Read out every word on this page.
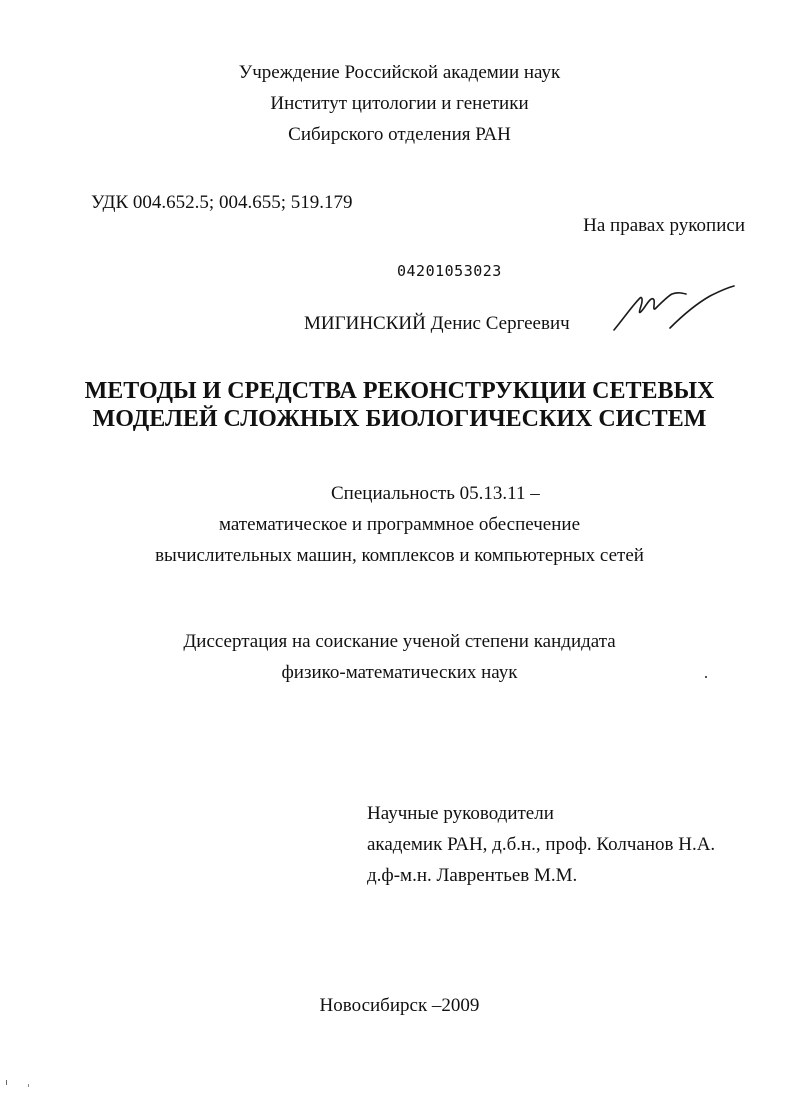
Учреждение Российской академии наук
Институт цитологии и генетики
Сибирского отделения РАН
УДК 004.652.5; 004.655; 519.179
На правах рукописи
04201053023
МИГИНСКИЙ Денис Сергеевич
МЕТОДЫ И СРЕДСТВА РЕКОНСТРУКЦИИ СЕТЕВЫХ
МОДЕЛЕЙ СЛОЖНЫХ БИОЛОГИЧЕСКИХ СИСТЕМ
Специальность 05.13.11 –
математическое и программное обеспечение
вычислительных машин, комплексов и компьютерных сетей
Диссертация на соискание ученой степени кандидата
физико-математических наук
Научные руководители
академик РАН, д.б.н., проф. Колчанов Н.А.
д.ф-м.н. Лаврентьев М.М.
Новосибирск –2009
